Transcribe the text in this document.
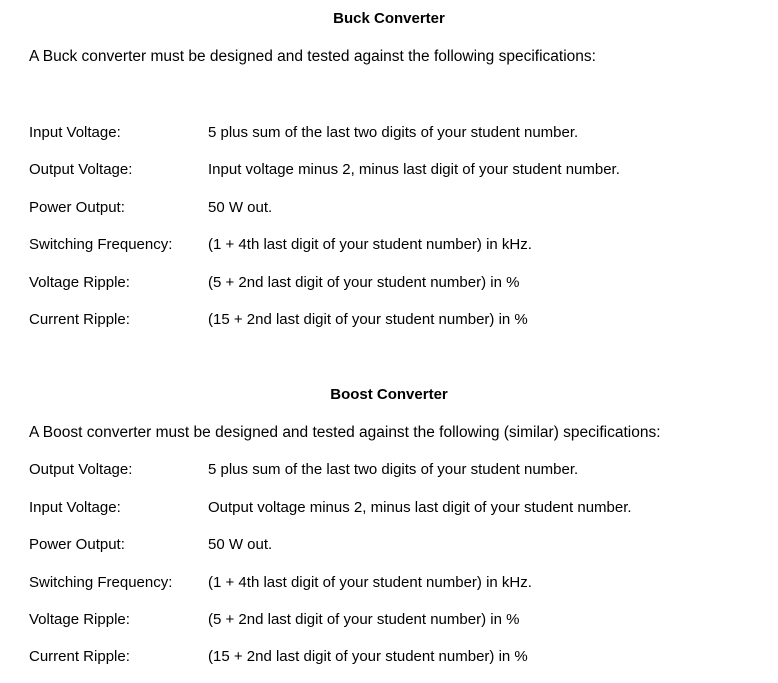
Buck Converter
A Buck converter must be designed and tested against the following specifications:
Input Voltage:	5 plus sum of the last two digits of your student number.
Output Voltage:	Input voltage minus 2, minus last digit of your student number.
Power Output:	50 W out.
Switching Frequency: (1 + 4th last digit of your student number) in kHz.
Voltage Ripple:	(5 + 2nd last digit of your student number) in %
Current Ripple:	(15 + 2nd last digit of your student number) in %
Boost Converter
A Boost converter must be designed and tested against the following (similar) specifications:
Output Voltage:	5 plus sum of the last two digits of your student number.
Input Voltage:	Output voltage minus 2, minus last digit of your student number.
Power Output:	50 W out.
Switching Frequency: (1 + 4th last digit of your student number) in kHz.
Voltage Ripple:	(5 + 2nd last digit of your student number) in %
Current Ripple:	(15 + 2nd last digit of your student number) in %
